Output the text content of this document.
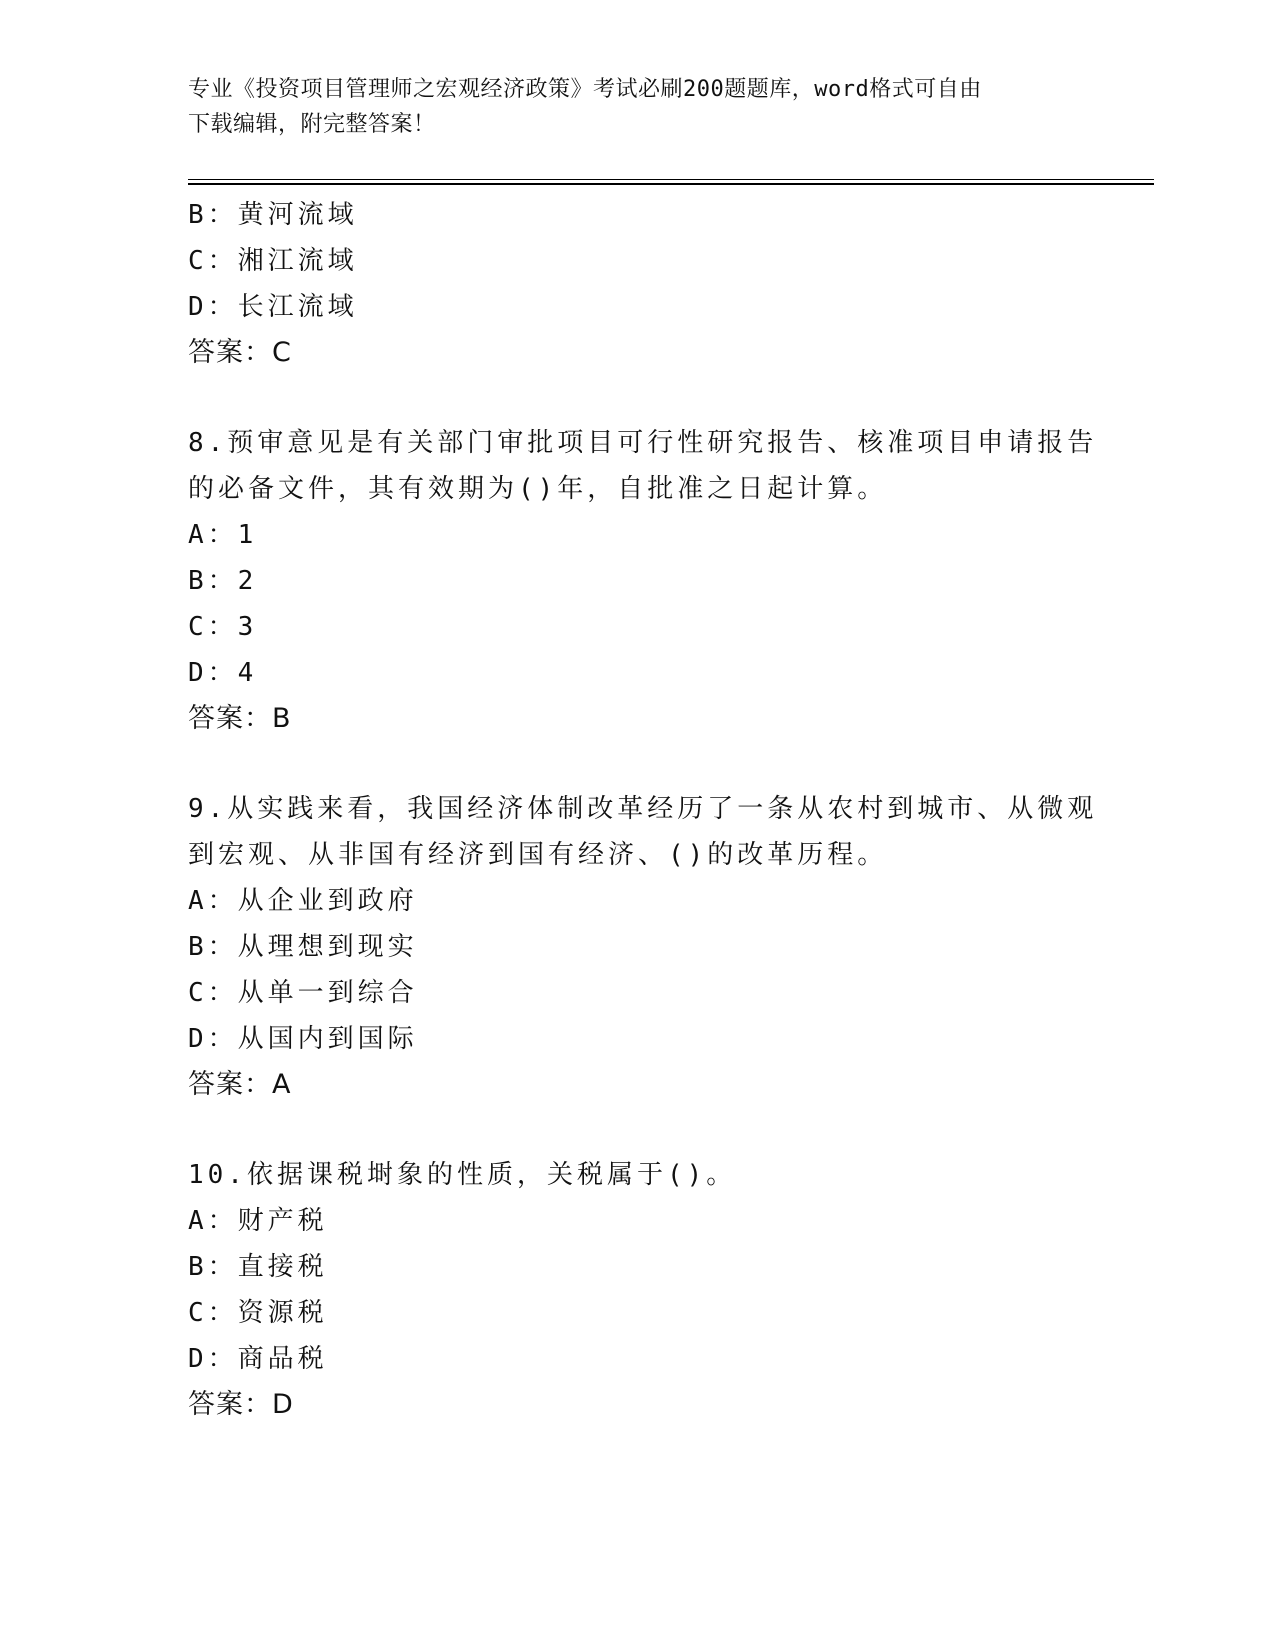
专业《投资项目管理师之宏观经济政策》考试必刷200题题库，word格式可自由
下载编辑，附完整答案！
B：黄河流域
C：湘江流域
D：长江流域
答案：C
8.预审意见是有关部门审批项目可行性研究报告、核准项目申请报告
的必备文件，其有效期为()年，自批准之日起计算。
A：1
B：2
C：3
D：4
答案：B
9.从实践来看，我国经济体制改革经历了一条从农村到城市、从微观
到宏观、从非国有经济到国有经济、()的改革历程。
A：从企业到政府
B：从理想到现实
C：从单一到综合
D：从国内到国际
答案：A
10.依据课税埘象的性质，关税属于()。
A：财产税
B：直接税
C：资源税
D：商品税
答案：D
